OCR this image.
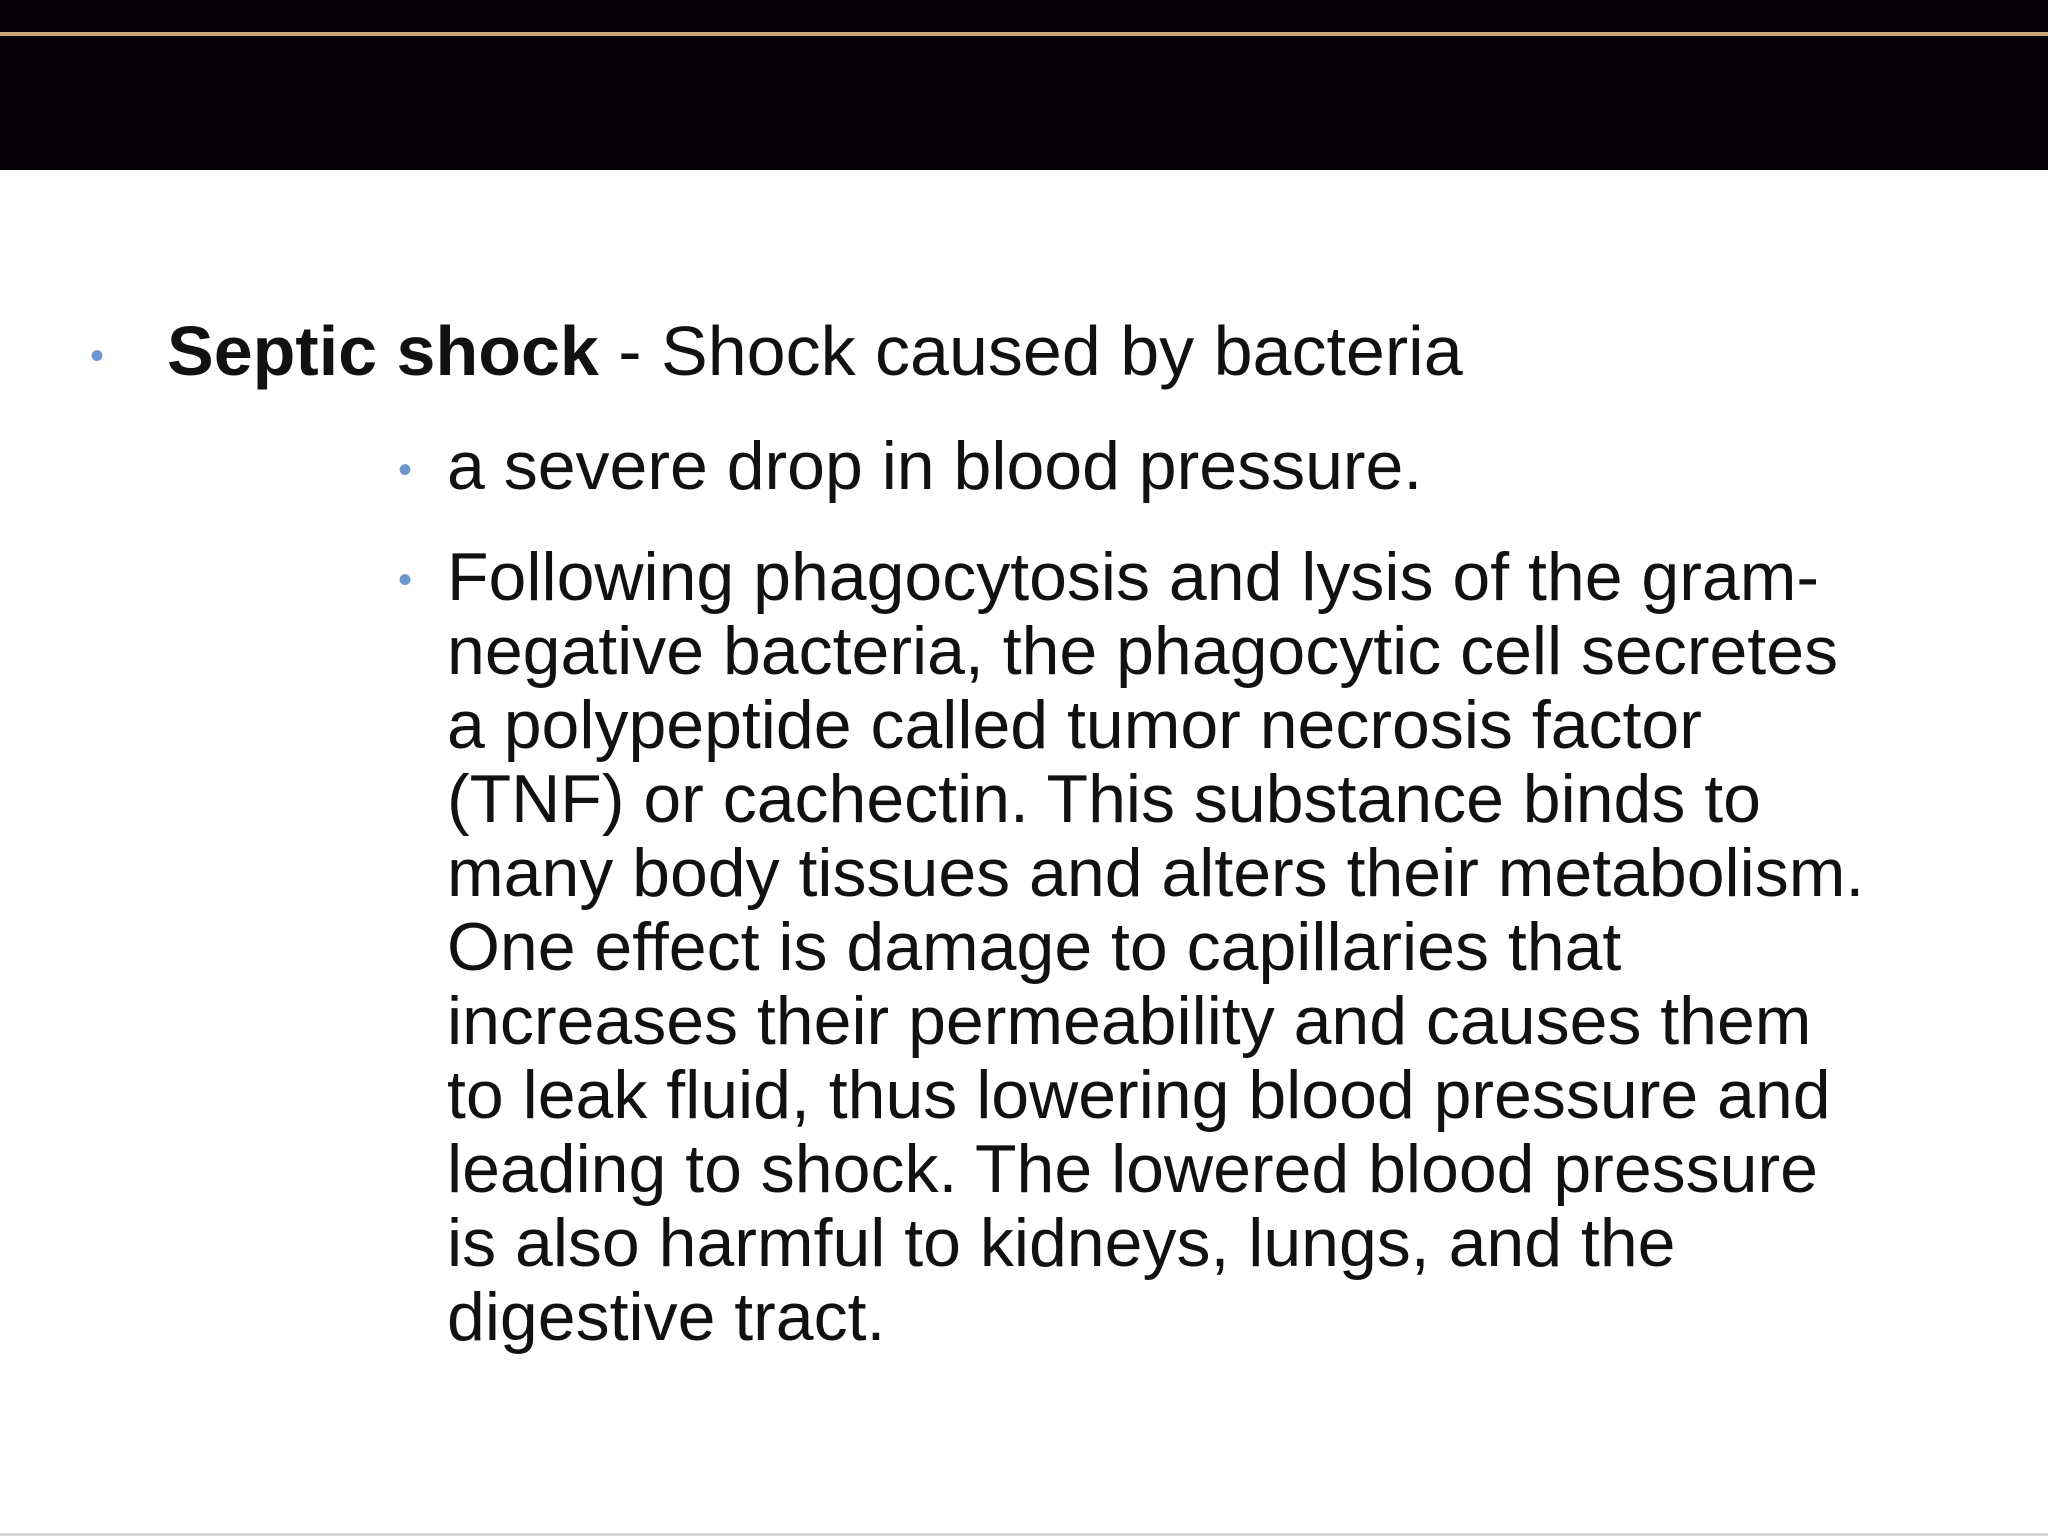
• Septic shock - Shock caused by bacteria
• a severe drop in blood pressure.
• Following phagocytosis and lysis of the gram-
negative bacteria, the phagocytic cell secretes
a polypeptide called tumor necrosis factor
(TNF) or cachectin. This substance binds to
many body tissues and alters their metabolism.
One effect is damage to capillaries that
increases their permeability and causes them
to leak fluid, thus lowering blood pressure and
leading to shock. The lowered blood pressure
is also harmful to kidneys, lungs, and the
digestive tract.
